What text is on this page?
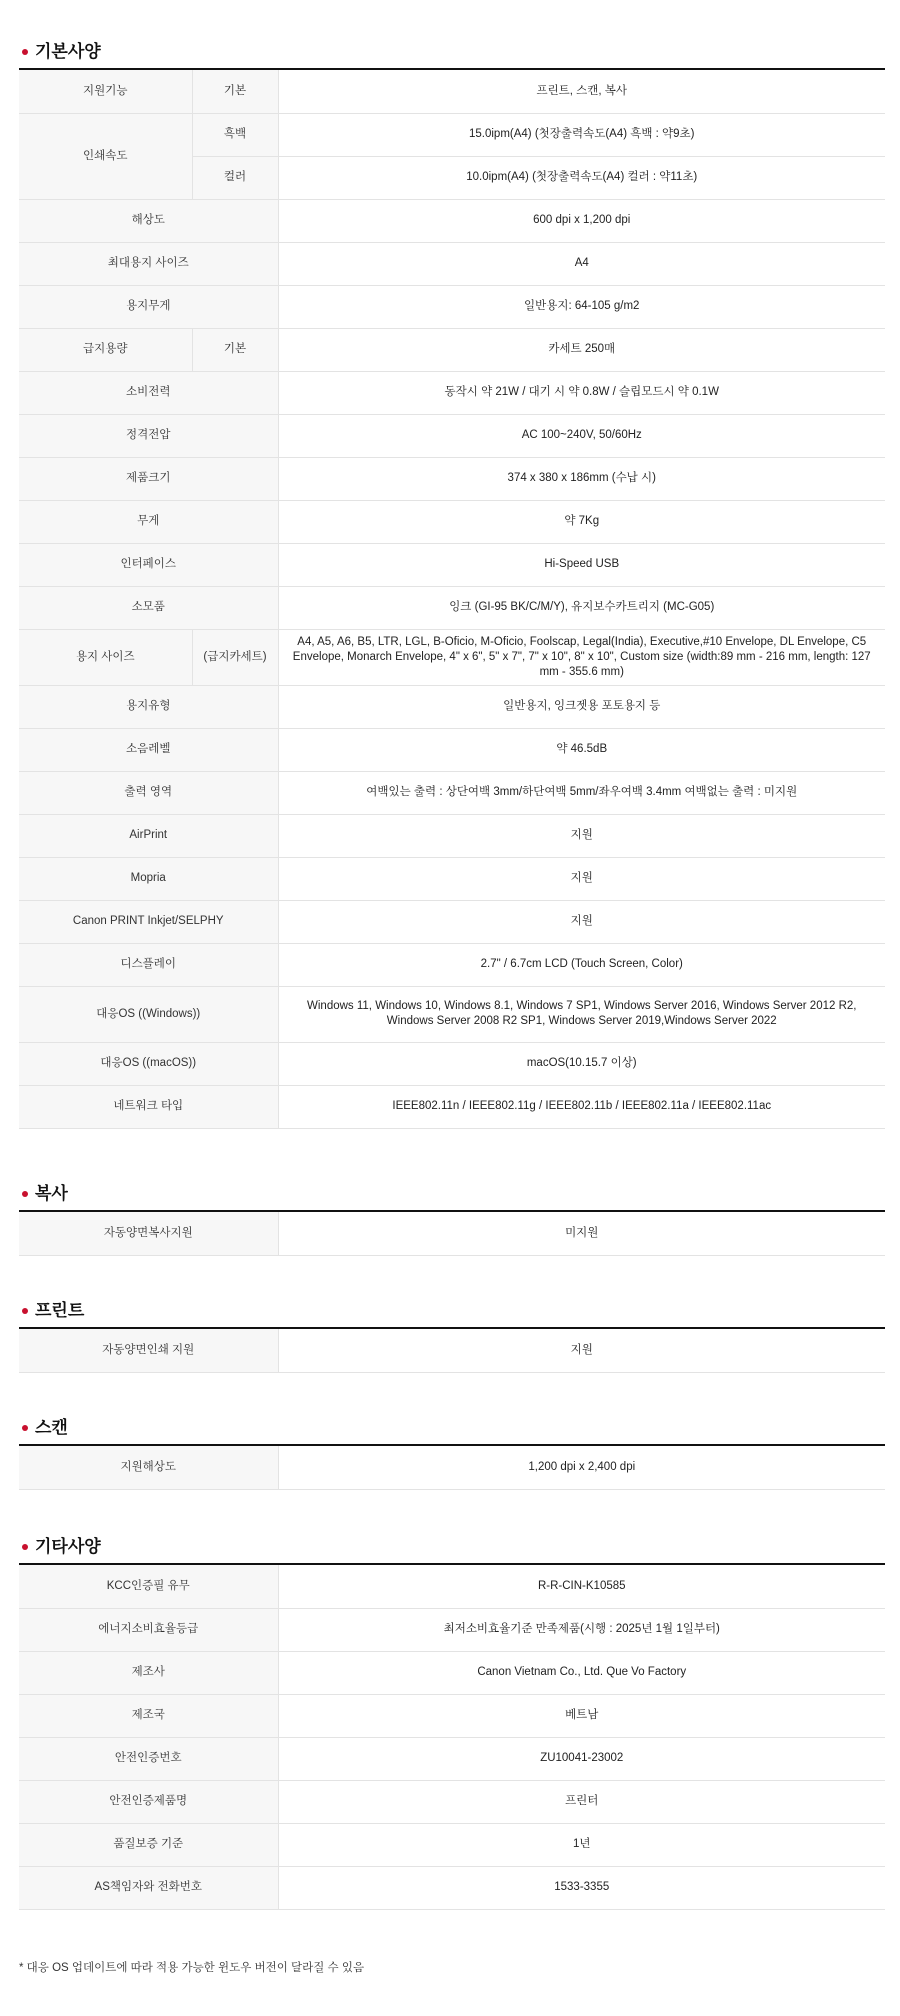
기본사양
지원기능	기본	프린트, 스캔, 복사
인쇄속도	흑백	15.0ipm(A4) (첫장출력속도(A4) 흑백 : 약9초)
	컬러	10.0ipm(A4) (첫장출력속도(A4) 컬러 : 약11초)
해상도		600 dpi x 1,200 dpi
최대용지 사이즈		A4
용지무게		일반용지: 64-105 g/m2
급지용량	기본	카세트 250매
소비전력		동작시 약 21W / 대기 시 약 0.8W / 슬립모드시 약 0.1W
정격전압		AC 100~240V, 50/60Hz
제품크기		374 x 380 x 186mm (수납 시)
무게		약 7Kg
인터페이스		Hi-Speed USB
소모품		잉크 (GI-95 BK/C/M/Y), 유지보수카트리지 (MC-G05)
용지 사이즈	(급지카세트)	A4, A5, A6, B5, LTR, LGL, B-Oficio, M-Oficio, Foolscap, Legal(India), Executive,#10 Envelope, DL Envelope, C5 Envelope, Monarch Envelope, 4" x 6", 5" x 7", 7" x 10", 8" x 10", Custom size (width:89 mm - 216 mm, length: 127 mm - 355.6 mm)
용지유형		일반용지, 잉크젯용 포토용지 등
소음레벨		약 46.5dB
출력 영역		여백있는 출력 : 상단여백 3mm/하단여백 5mm/좌우여백 3.4mm 여백없는 출력 : 미지원
AirPrint		지원
Mopria		지원
Canon PRINT Inkjet/SELPHY		지원
디스플레이		2.7" / 6.7cm LCD (Touch Screen, Color)
대응OS ((Windows))		Windows 11, Windows 10, Windows 8.1, Windows 7 SP1, Windows Server 2016, Windows Server 2012 R2, Windows Server 2008 R2 SP1, Windows Server 2019,Windows Server 2022
대응OS ((macOS))		macOS(10.15.7 이상)
네트워크 타입		IEEE802.11n / IEEE802.11g / IEEE802.11b / IEEE802.11a / IEEE802.11ac
복사
자동양면복사지원	미지원
프린트
자동양면인쇄 지원	지원
스캔
지원해상도	1,200 dpi x 2,400 dpi
기타사양
KCC인증필 유무	R-R-CIN-K10585
에너지소비효율등급	최저소비효율기준 만족제품(시행 : 2025년 1월 1일부터)
제조사	Canon Vietnam Co., Ltd. Que Vo Factory
제조국	베트남
안전인증번호	ZU10041-23002
안전인증제품명	프린터
품질보증 기준	1년
AS책임자와 전화번호	1533-3355
* 대응 OS 업데이트에 따라 적용 가능한 윈도우 버전이 달라질 수 있음
